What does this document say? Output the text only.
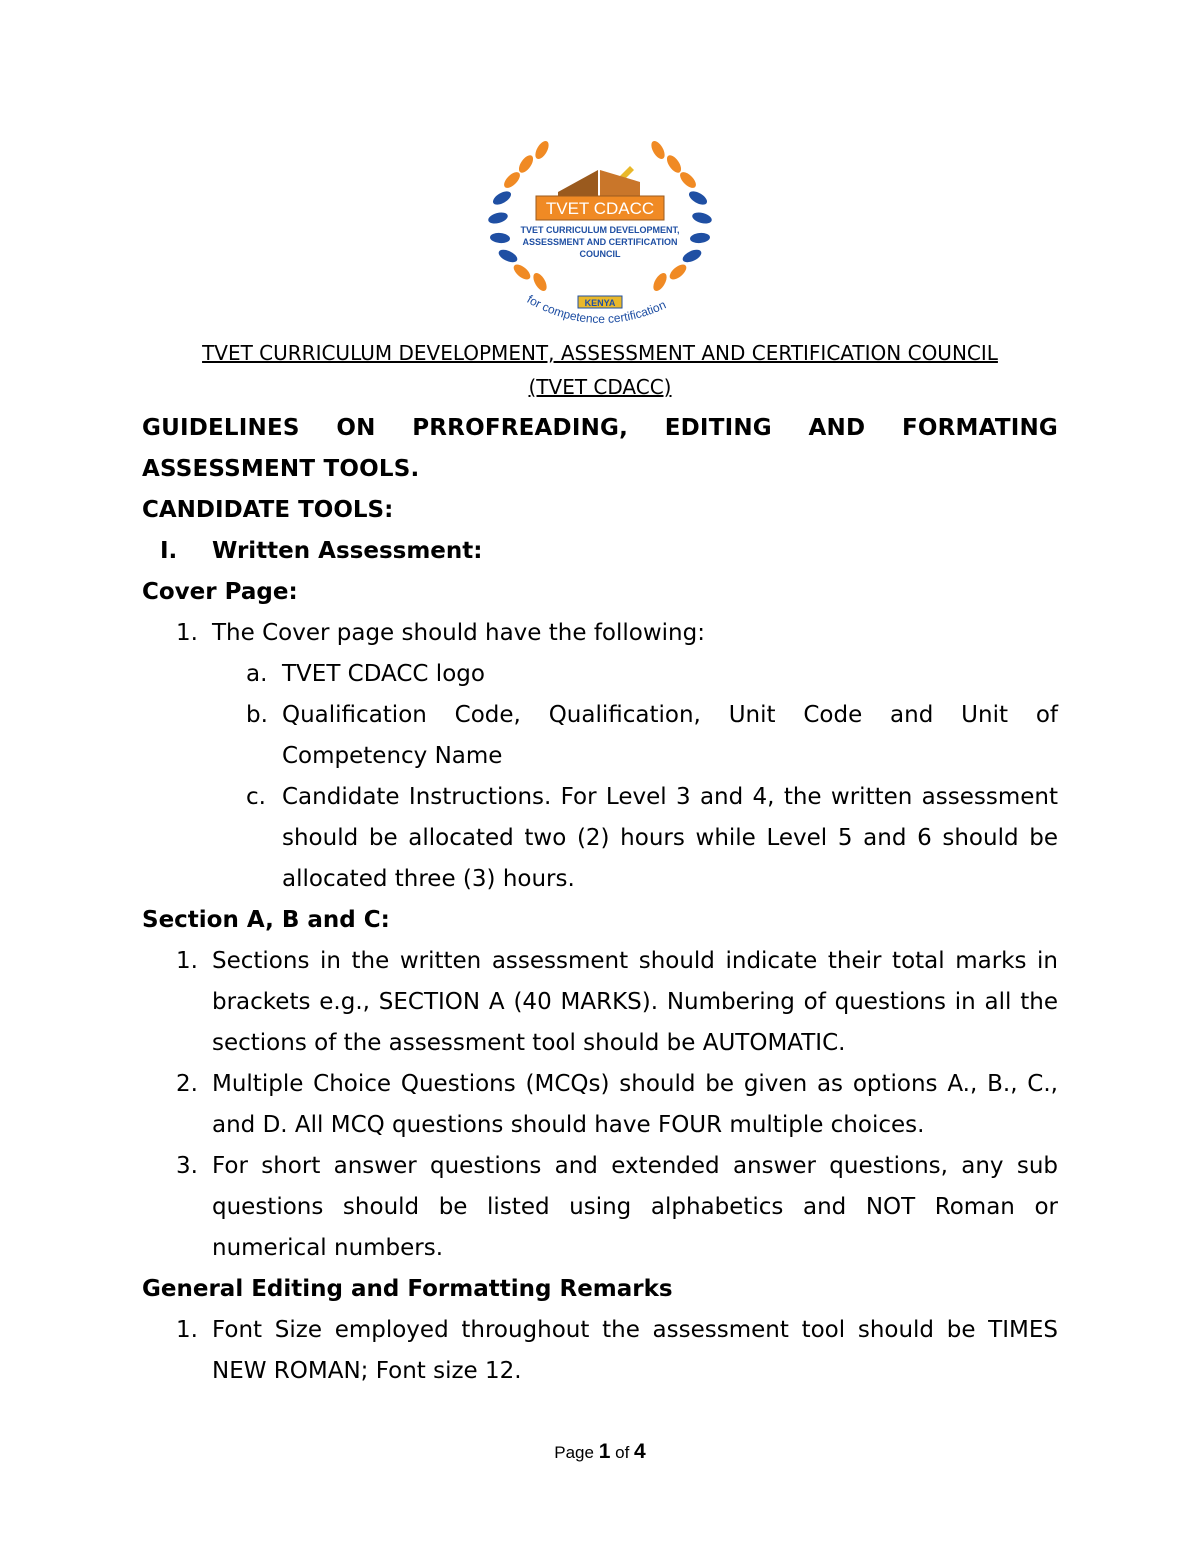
TVET CDACC
TVET CURRICULUM DEVELOPMENT,
ASSESSMENT AND CERTIFICATION
COUNCIL
KENYA
for competence certification
TVET CURRICULUM DEVELOPMENT, ASSESSMENT AND CERTIFICATION COUNCIL
(TVET CDACC)
GUIDELINES ON PRROFREADING, EDITING AND FORMATING
ASSESSMENT TOOLS.
CANDIDATE TOOLS:
I. Written Assessment:
Cover Page:
1. The Cover page should have the following:
a. TVET CDACC logo
b. Qualification Code, Qualification, Unit Code and Unit of Competency Name
c. Candidate Instructions. For Level 3 and 4, the written assessment should be allocated two (2) hours while Level 5 and 6 should be allocated three (3) hours.
Section A, B and C:
1. Sections in the written assessment should indicate their total marks in brackets e.g., SECTION A (40 MARKS). Numbering of questions in all the sections of the assessment tool should be AUTOMATIC.
2. Multiple Choice Questions (MCQs) should be given as options A., B., C., and D. All MCQ questions should have FOUR multiple choices.
3. For short answer questions and extended answer questions, any sub questions should be listed using alphabetics and NOT Roman or numerical numbers.
General Editing and Formatting Remarks
1. Font Size employed throughout the assessment tool should be TIMES NEW ROMAN; Font size 12.
Page 1 of 4
